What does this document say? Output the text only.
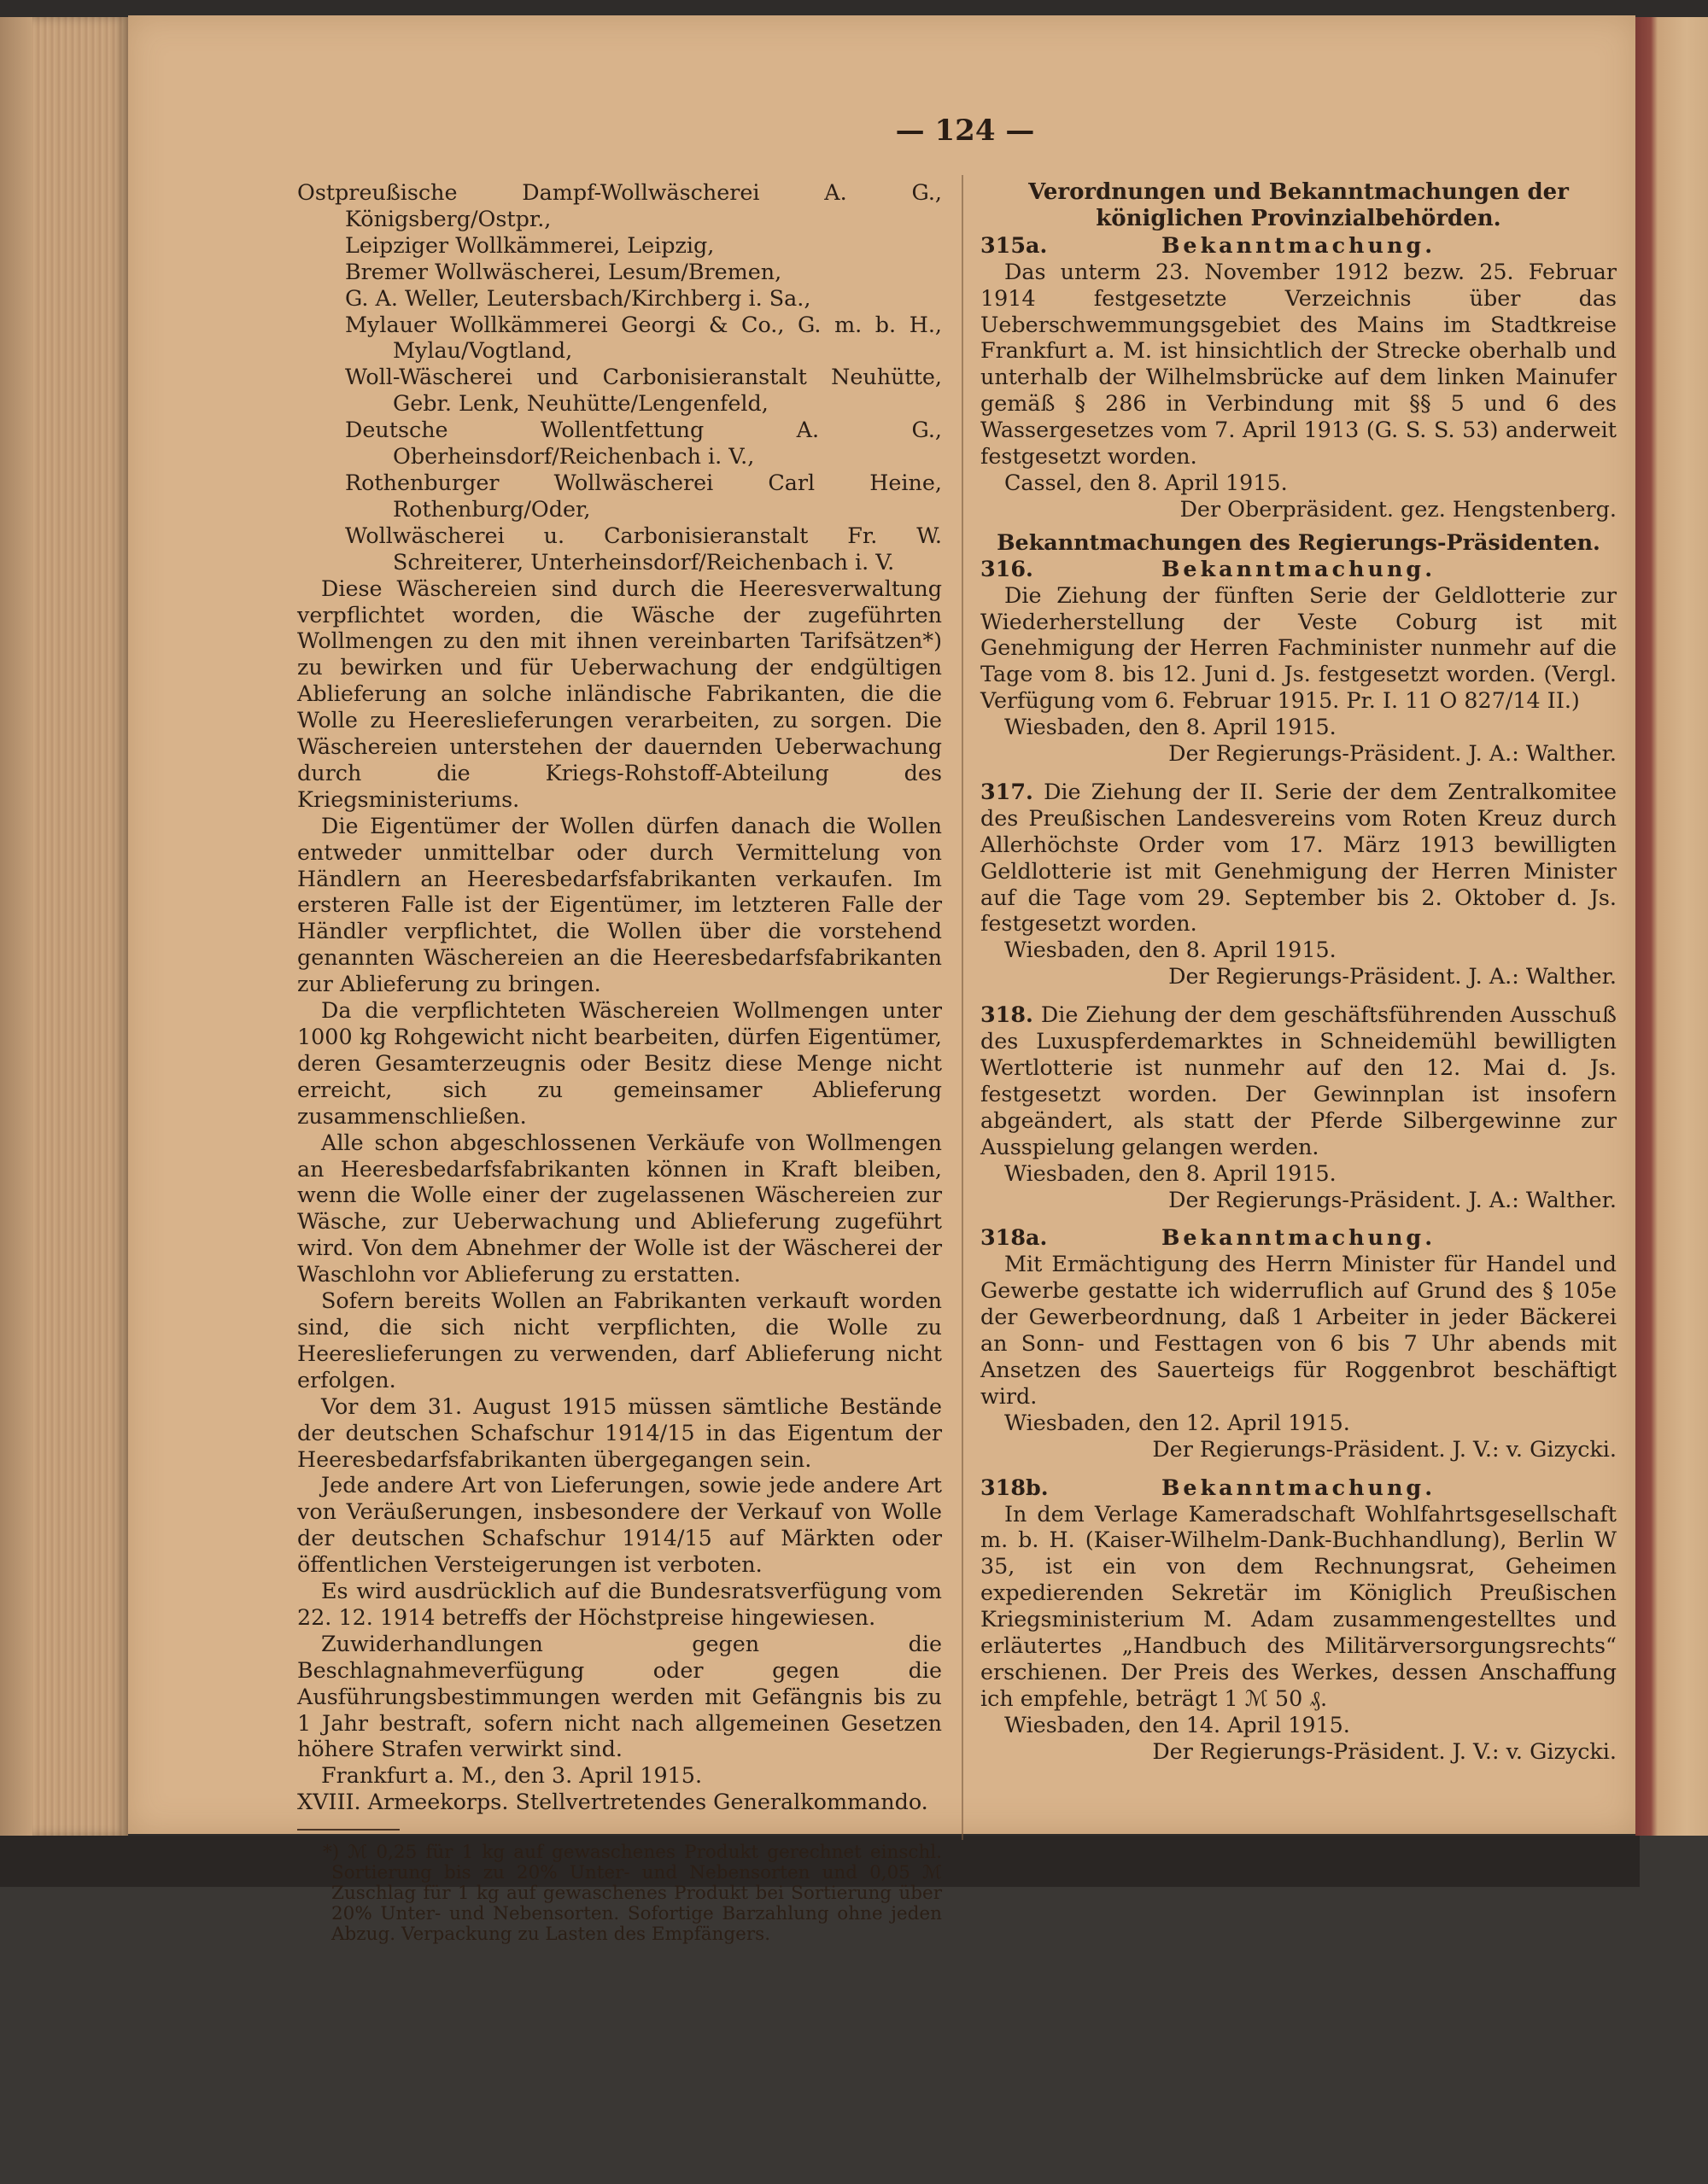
— 124 —

Ostpreußische Dampf-Wollwäscherei A. G., Königsberg/Ostpr.,

Leipziger Wollkämmerei, Leipzig,

Bremer Wollwäscherei, Lesum/Bremen,

G. A. Weller, Leutersbach/Kirchberg i. Sa.,

Mylauer Wollkämmerei Georgi & Co., G. m. b. H., Mylau/Vogtland,

Woll-Wäscherei und Carbonisieranstalt Neuhütte, Gebr. Lenk, Neuhütte/Lengenfeld,

Deutsche Wollentfettung A. G., Oberheinsdorf/Reichenbach i. V.,

Rothenburger Wollwäscherei Carl Heine, Rothenburg/Oder,

Wollwäscherei u. Carbonisieranstalt Fr. W. Schreiterer, Unterheinsdorf/Reichenbach i. V.

Diese Wäschereien sind durch die Heeresverwaltung verpflichtet worden, die Wäsche der zugeführten Wollmengen zu den mit ihnen vereinbarten Tarifsätzen*) zu bewirken und für Ueberwachung der endgültigen Ablieferung an solche inländische Fabrikanten, die die Wolle zu Heereslieferungen verarbeiten, zu sorgen. Die Wäschereien unterstehen der dauernden Ueberwachung durch die Kriegs-Rohstoff-Abteilung des Kriegsministeriums.

Die Eigentümer der Wollen dürfen danach die Wollen entweder unmittelbar oder durch Vermittelung von Händlern an Heeresbedarfsfabrikanten verkaufen. Im ersteren Falle ist der Eigentümer, im letzteren Falle der Händler verpflichtet, die Wollen über die vorstehend genannten Wäschereien an die Heeresbedarfsfabrikanten zur Ablieferung zu bringen.

Da die verpflichteten Wäschereien Wollmengen unter 1000 kg Rohgewicht nicht bearbeiten, dürfen Eigentümer, deren Gesamterzeugnis oder Besitz diese Menge nicht erreicht, sich zu gemeinsamer Ablieferung zusammenschließen.

Alle schon abgeschlossenen Verkäufe von Wollmengen an Heeresbedarfsfabrikanten können in Kraft bleiben, wenn die Wolle einer der zugelassenen Wäschereien zur Wäsche, zur Ueberwachung und Ablieferung zugeführt wird. Von dem Abnehmer der Wolle ist der Wäscherei der Waschlohn vor Ablieferung zu erstatten.

Sofern bereits Wollen an Fabrikanten verkauft worden sind, die sich nicht verpflichten, die Wolle zu Heereslieferungen zu verwenden, darf Ablieferung nicht erfolgen.

Vor dem 31. August 1915 müssen sämtliche Bestände der deutschen Schafschur 1914/15 in das Eigentum der Heeresbedarfsfabrikanten übergegangen sein.

Jede andere Art von Lieferungen, sowie jede andere Art von Veräußerungen, insbesondere der Verkauf von Wolle der deutschen Schafschur 1914/15 auf Märkten oder öffentlichen Versteigerungen ist verboten.

Es wird ausdrücklich auf die Bundesratsverfügung vom 22. 12. 1914 betreffs der Höchstpreise hingewiesen.

Zuwiderhandlungen gegen die Beschlagnahmeverfügung oder gegen die Ausführungsbestimmungen werden mit Gefängnis bis zu 1 Jahr bestraft, sofern nicht nach allgemeinen Gesetzen höhere Strafen verwirkt sind.

Frankfurt a. M., den 3. April 1915.

XVIII. Armeekorps. Stellvertretendes Generalkommando.

*) ℳ 0,25 für 1 kg auf gewaschenes Produkt gerechnet einschl. Sortierung bis zu 20% Unter- und Nebensorten und 0,05 ℳ Zuschlag für 1 kg auf gewaschenes Produkt bei Sortierung über 20% Unter- und Nebensorten. Sofortige Barzahlung ohne jeden Abzug. Verpackung zu Lasten des Empfängers.

Verordnungen und Bekanntmachungen der königlichen Provinzialbehörden.

315a.	Bekanntmachung.

Das unterm 23. November 1912 bezw. 25. Februar 1914 festgesetzte Verzeichnis über das Ueberschwemmungsgebiet des Mains im Stadtkreise Frankfurt a. M. ist hinsichtlich der Strecke oberhalb und unterhalb der Wilhelmsbrücke auf dem linken Mainufer gemäß § 286 in Verbindung mit §§ 5 und 6 des Wassergesetzes vom 7. April 1913 (G. S. S. 53) anderweit festgesetzt worden.

Cassel, den 8. April 1915.

Der Oberpräsident. gez. Hengstenberg.

Bekanntmachungen des Regierungs-Präsidenten.

316.	Bekanntmachung.

Die Ziehung der fünften Serie der Geldlotterie zur Wiederherstellung der Veste Coburg ist mit Genehmigung der Herren Fachminister nunmehr auf die Tage vom 8. bis 12. Juni d. Js. festgesetzt worden. (Vergl. Verfügung vom 6. Februar 1915. Pr. I. 11 O 827/14 II.)

Wiesbaden, den 8. April 1915.

Der Regierungs-Präsident. J. A.: Walther.

317. Die Ziehung der II. Serie der dem Zentralkomitee des Preußischen Landesvereins vom Roten Kreuz durch Allerhöchste Order vom 17. März 1913 bewilligten Geldlotterie ist mit Genehmigung der Herren Minister auf die Tage vom 29. September bis 2. Oktober d. Js. festgesetzt worden.

Wiesbaden, den 8. April 1915.

Der Regierungs-Präsident. J. A.: Walther.

318. Die Ziehung der dem geschäftsführenden Ausschuß des Luxuspferdemarktes in Schneidemühl bewilligten Wertlotterie ist nunmehr auf den 12. Mai d. Js. festgesetzt worden. Der Gewinnplan ist insofern abgeändert, als statt der Pferde Silbergewinne zur Ausspielung gelangen werden.

Wiesbaden, den 8. April 1915.

Der Regierungs-Präsident. J. A.: Walther.

318a.	Bekanntmachung.

Mit Ermächtigung des Herrn Minister für Handel und Gewerbe gestatte ich widerruflich auf Grund des § 105e der Gewerbeordnung, daß 1 Arbeiter in jeder Bäckerei an Sonn- und Festtagen von 6 bis 7 Uhr abends mit Ansetzen des Sauerteigs für Roggenbrot beschäftigt wird.

Wiesbaden, den 12. April 1915.

Der Regierungs-Präsident. J. V.: v. Gizycki.

318b.	Bekanntmachung.

In dem Verlage Kameradschaft Wohlfahrtsgesellschaft m. b. H. (Kaiser-Wilhelm-Dank-Buchhandlung), Berlin W 35, ist ein von dem Rechnungsrat, Geheimen expedierenden Sekretär im Königlich Preußischen Kriegsministerium M. Adam zusammengestelltes und erläutertes „Handbuch des Militärversorgungsrechts“ erschienen. Der Preis des Werkes, dessen Anschaffung ich empfehle, beträgt 1 ℳ 50 ₰.

Wiesbaden, den 14. April 1915.

Der Regierungs-Präsident. J. V.: v. Gizycki.
